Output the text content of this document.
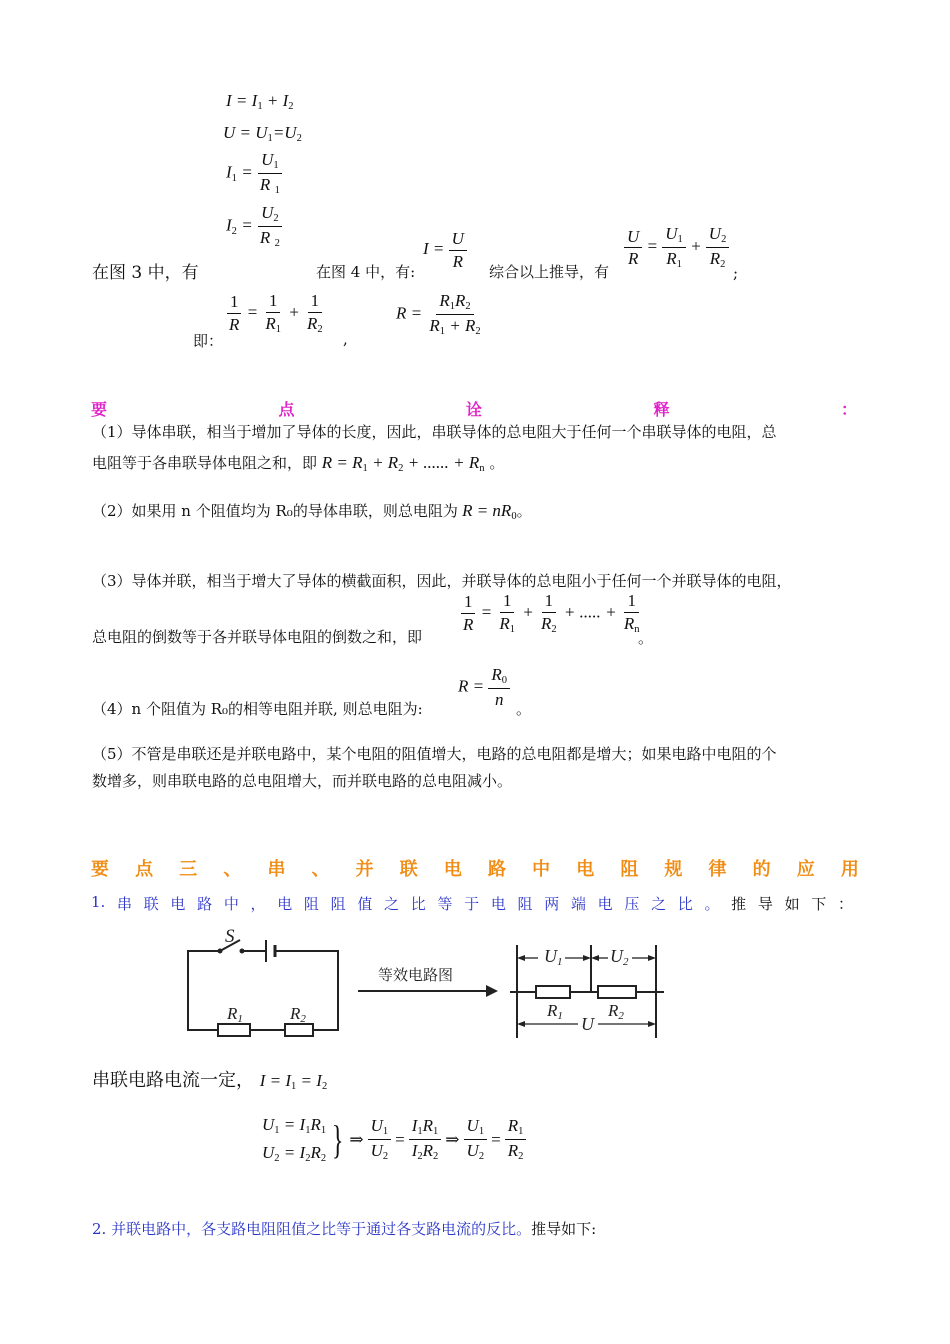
$I = I_1 + I_2$
$U = U_1=U_2$
$I_1 = \frac{U_1}{R _1}$
$I_2 = \frac{U_2}{R _2}$
在图 3 中，有	在图 4 中，有:
$I = \frac{U}{R}$
综合以上推导，有
$\frac{U}{R} = \frac{U_1}{R_1} + \frac{U_2}{R_2}$
;
即：
$\frac{1}{R} = \frac{1}{R_1} + \frac{1}{R_2}$
,
$R = \frac{R_1R_2}{R_1 + R_2}$
要	点	诠	释	：
（1）导体串联，相当于增加了导体的长度，因此，串联导体的总电阻大于任何一个串联导体的电阻，总
电阻等于各串联导体电阻之和，即 $R = R_1 + R_2$ + ...... + $R_n$ 。
（2）如果用 n 个阻值均为 R₀的导体串联，则总电阻为 $R = nR_0$。
（3）导体并联，相当于增大了导体的横截面积，因此，并联导体的总电阻小于任何一个并联导体的电阻，
总电阻的倒数等于各并联导体电阻的倒数之和，即
$\frac{1}{R} = \frac{1}{R_1} + \frac{1}{R_2}$ + ..... + $\frac{1}{R_n}$
。
（4）n 个阻值为 R₀的相等电阻并联, 则总电阻为:
$R = \frac{R_0}{n}$ 。
（5）不管是串联还是并联电路中，某个电阻的阻值增大，电路的总电阻都是增大；如果电路中电阻的个
数增多，则串联电路的总电阻增大，而并联电路的总电阻减小。
要 点 三 、 串 、 并 联 电 路 中 电 阻 规 律 的 应 用
1. 串 联 电 路 中 ， 电 阻 阻 值 之 比 等 于 电 阻 两 端 电 压 之 比 。 推 导 如 下 ：
S
R1	R2
等效电路图
U1	U2
R1	R2
U
串联电路电流一定， $I = I_1 = I_2$
$U_1 = I_1R_1$
$U_2 = I_2R_2$ } ⇒ $\frac{U_1}{U_2} = \frac{I_1R_1}{I_2R_2}$ ⇒ $\frac{U_1}{U_2} = \frac{R_1}{R_2}$
2. 并联电路中，各支路电阻阻值之比等于通过各支路电流的反比。推导如下:
